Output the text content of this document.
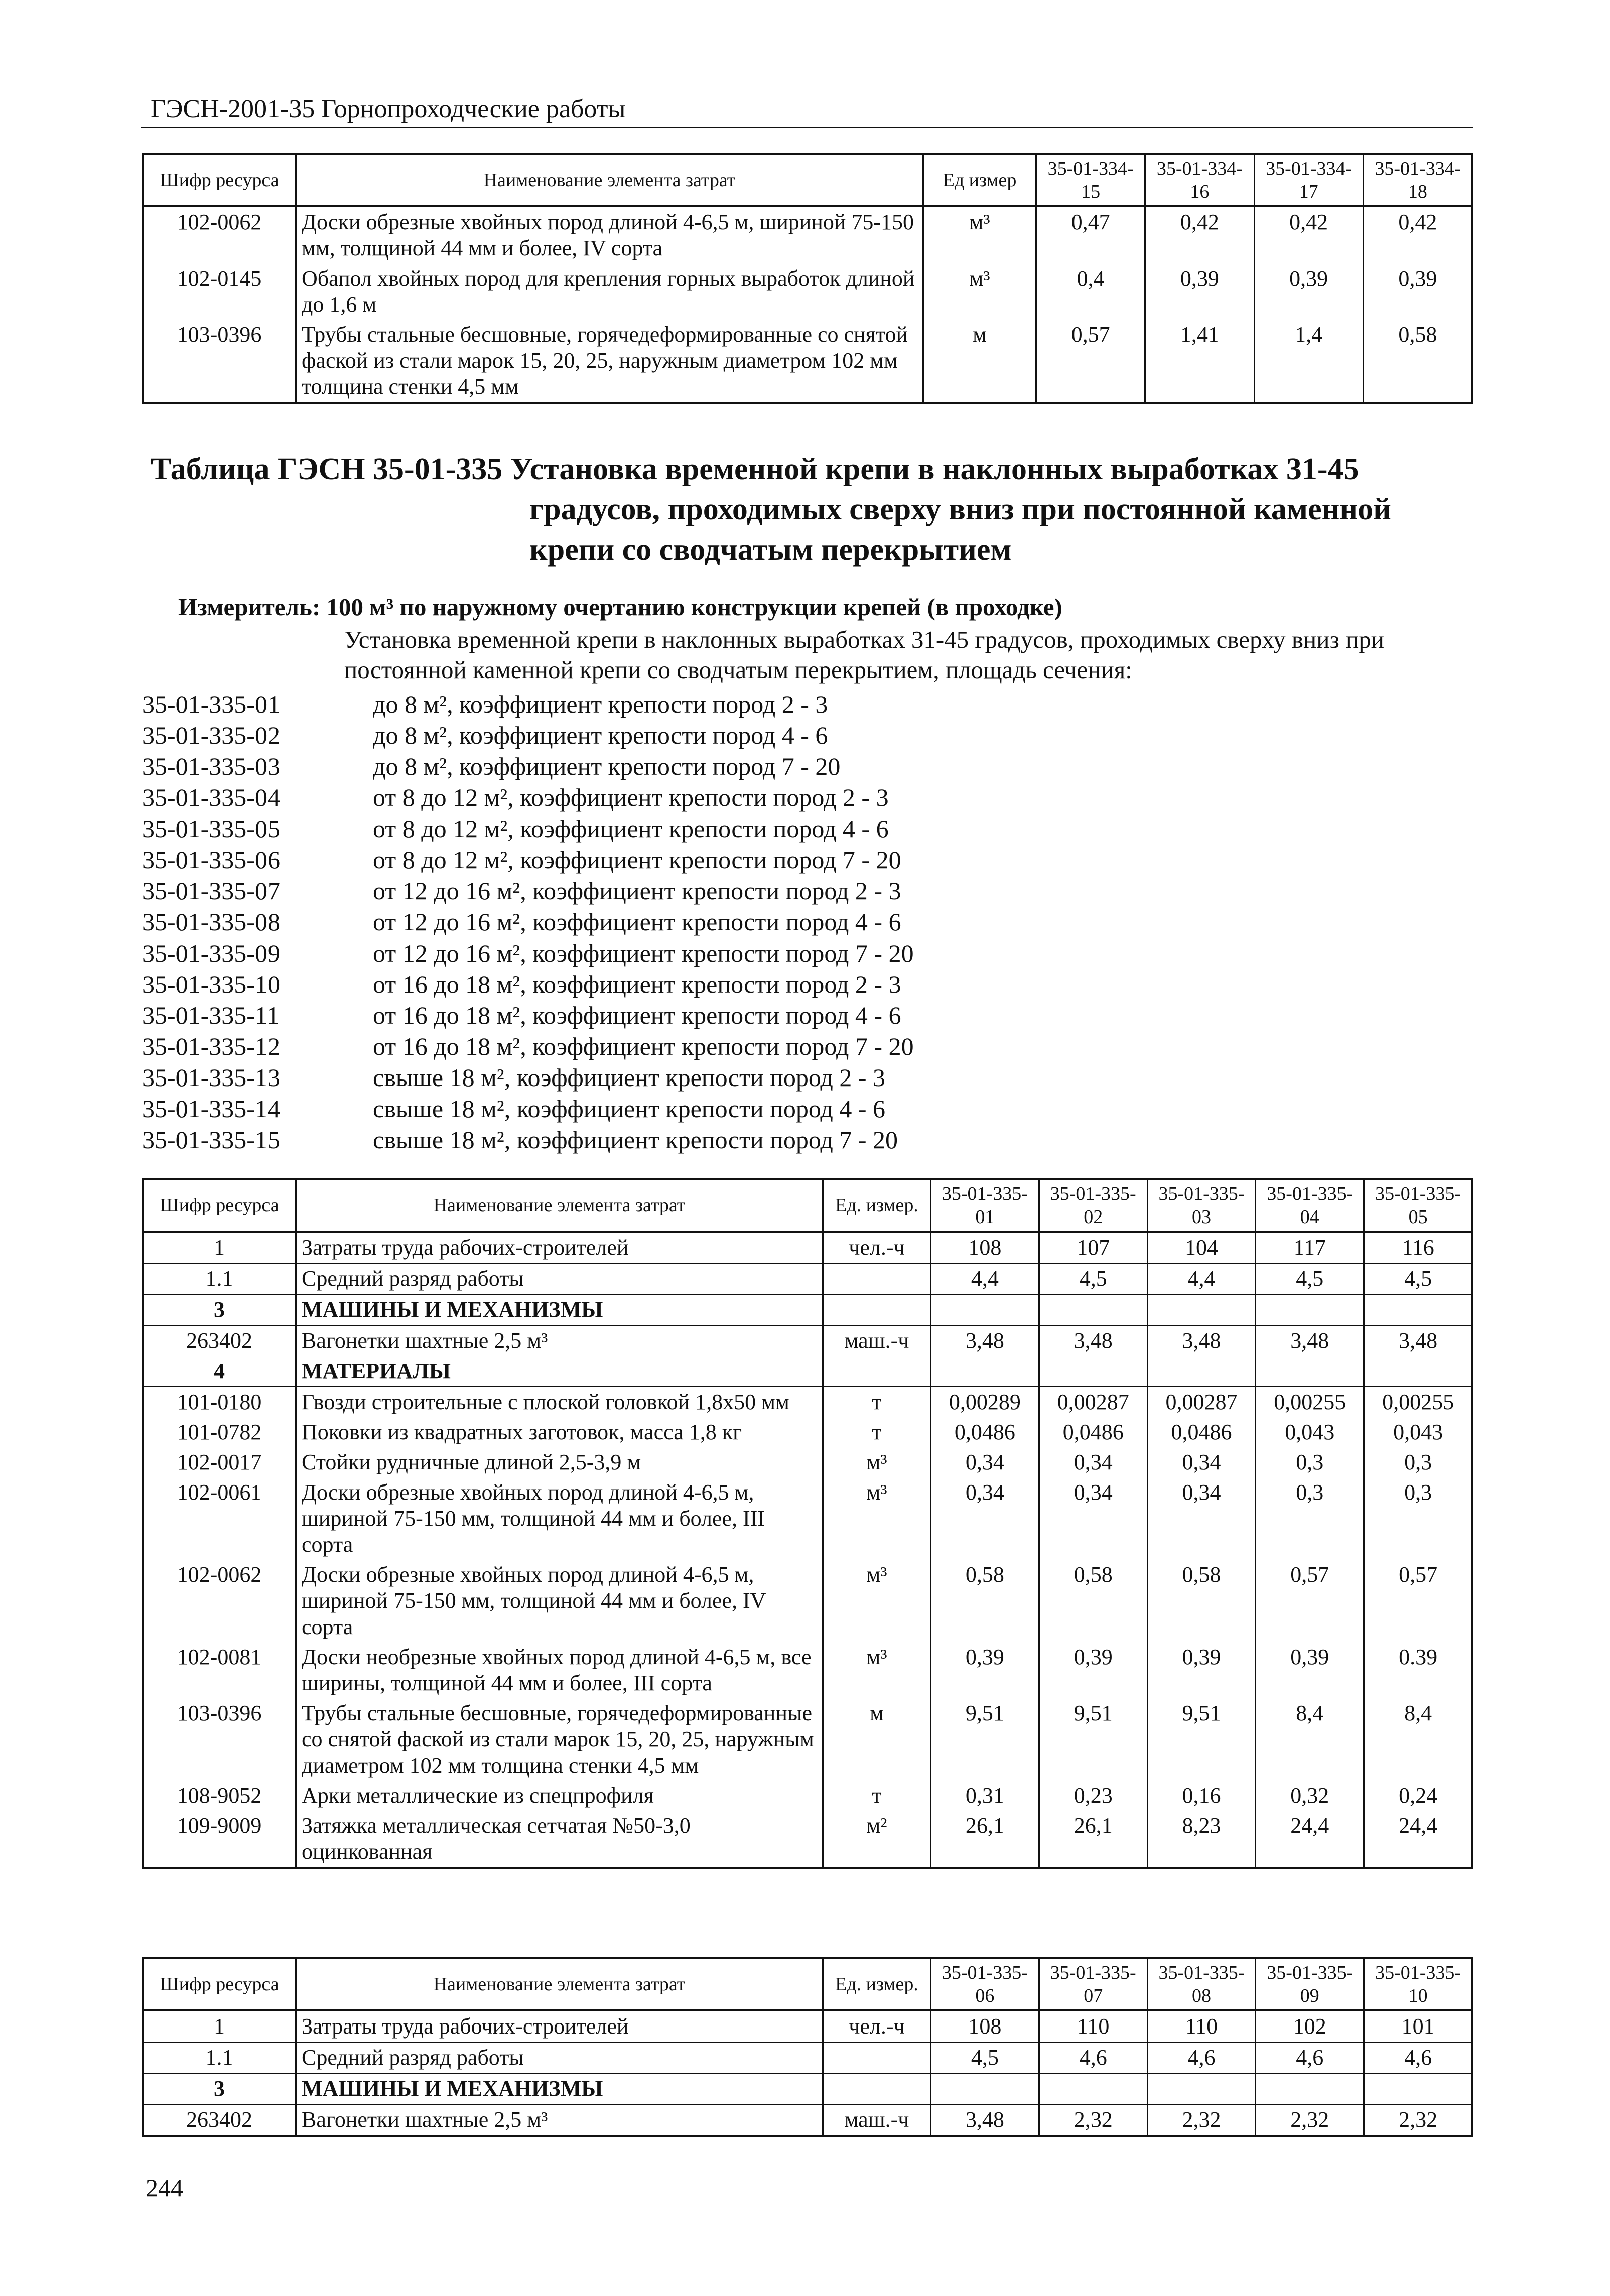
ГЭСН-2001-35 Горнопроходческие работы
Шифр ресурса	Наименование элемента затрат	Ед измер	35-01-334-15	35-01-334-16	35-01-334-17	35-01-334-18
102-0062	Доски обрезные хвойных пород длиной 4-6,5 м, шириной 75-150 мм, толщиной 44 мм и более, IV сорта	м³	0,47	0,42	0,42	0,42
102-0145	Обапол хвойных пород для крепления горных выработок длиной до 1,6 м	м³	0,4	0,39	0,39	0,39
103-0396	Трубы стальные бесшовные, горячедеформированные со снятой фаской из стали марок 15, 20, 25, наружным диаметром 102 мм толщина стенки 4,5 мм	м	0,57	1,41	1,4	0,58
Таблица ГЭСН 35-01-335 Установка временной крепи в наклонных выработках 31-45
градусов, проходимых сверху вниз при постоянной каменной
крепи со сводчатым перекрытием
Измеритель: 100 м³ по наружному очертанию конструкции крепей (в проходке)
Установка временной крепи в наклонных выработках 31-45 градусов, проходимых сверху вниз при постоянной каменной крепи со сводчатым перекрытием, площадь сечения:
35-01-335-01	до 8 м², коэффициент крепости пород 2 - 3
35-01-335-02	до 8 м², коэффициент крепости пород 4 - 6
35-01-335-03	до 8 м², коэффициент крепости пород 7 - 20
35-01-335-04	от 8 до 12 м², коэффициент крепости пород 2 - 3
35-01-335-05	от 8 до 12 м², коэффициент крепости пород 4 - 6
35-01-335-06	от 8 до 12 м², коэффициент крепости пород 7 - 20
35-01-335-07	от 12 до 16 м², коэффициент крепости пород 2 - 3
35-01-335-08	от 12 до 16 м², коэффициент крепости пород 4 - 6
35-01-335-09	от 12 до 16 м², коэффициент крепости пород 7 - 20
35-01-335-10	от 16 до 18 м², коэффициент крепости пород 2 - 3
35-01-335-11	от 16 до 18 м², коэффициент крепости пород 4 - 6
35-01-335-12	от 16 до 18 м², коэффициент крепости пород 7 - 20
35-01-335-13	свыше 18 м², коэффициент крепости пород 2 - 3
35-01-335-14	свыше 18 м², коэффициент крепости пород 4 - 6
35-01-335-15	свыше 18 м², коэффициент крепости пород 7 - 20
Шифр ресурса	Наименование элемента затрат	Ед. измер.	35-01-335-01	35-01-335-02	35-01-335-03	35-01-335-04	35-01-335-05
1	Затраты труда рабочих-строителей	чел.-ч	108	107	104	117	116
1.1	Средний разряд работы		4,4	4,5	4,4	4,5	4,5
3	МАШИНЫ И МЕХАНИЗМЫ						
263402	Вагонетки шахтные 2,5 м³	маш.-ч	3,48	3,48	3,48	3,48	3,48
4	МАТЕРИАЛЫ						
101-0180	Гвозди строительные с плоской головкой 1,8х50 мм	т	0,00289	0,00287	0,00287	0,00255	0,00255
101-0782	Поковки из квадратных заготовок, масса 1,8 кг	т	0,0486	0,0486	0,0486	0,043	0,043
102-0017	Стойки рудничные длиной 2,5-3,9 м	м³	0,34	0,34	0,34	0,3	0,3
102-0061	Доски обрезные хвойных пород длиной 4-6,5 м, шириной 75-150 мм, толщиной 44 мм и более, III сорта	м³	0,34	0,34	0,34	0,3	0,3
102-0062	Доски обрезные хвойных пород длиной 4-6,5 м, шириной 75-150 мм, толщиной 44 мм и более, IV сорта	м³	0,58	0,58	0,58	0,57	0,57
102-0081	Доски необрезные хвойных пород длиной 4-6,5 м, все ширины, толщиной 44 мм и более, III сорта	м³	0,39	0,39	0,39	0,39	0.39
103-0396	Трубы стальные бесшовные, горячедеформированные со снятой фаской из стали марок 15, 20, 25, наружным диаметром 102 мм толщина стенки 4,5 мм	м	9,51	9,51	9,51	8,4	8,4
108-9052	Арки металлические из спецпрофиля	т	0,31	0,23	0,16	0,32	0,24
109-9009	Затяжка металлическая сетчатая №50-3,0 оцинкованная	м²	26,1	26,1	8,23	24,4	24,4
Шифр ресурса	Наименование элемента затрат	Ед. измер.	35-01-335-06	35-01-335-07	35-01-335-08	35-01-335-09	35-01-335-10
1	Затраты труда рабочих-строителей	чел.-ч	108	110	110	102	101
1.1	Средний разряд работы		4,5	4,6	4,6	4,6	4,6
3	МАШИНЫ И МЕХАНИЗМЫ						
263402	Вагонетки шахтные 2,5 м³	маш.-ч	3,48	2,32	2,32	2,32	2,32
244
